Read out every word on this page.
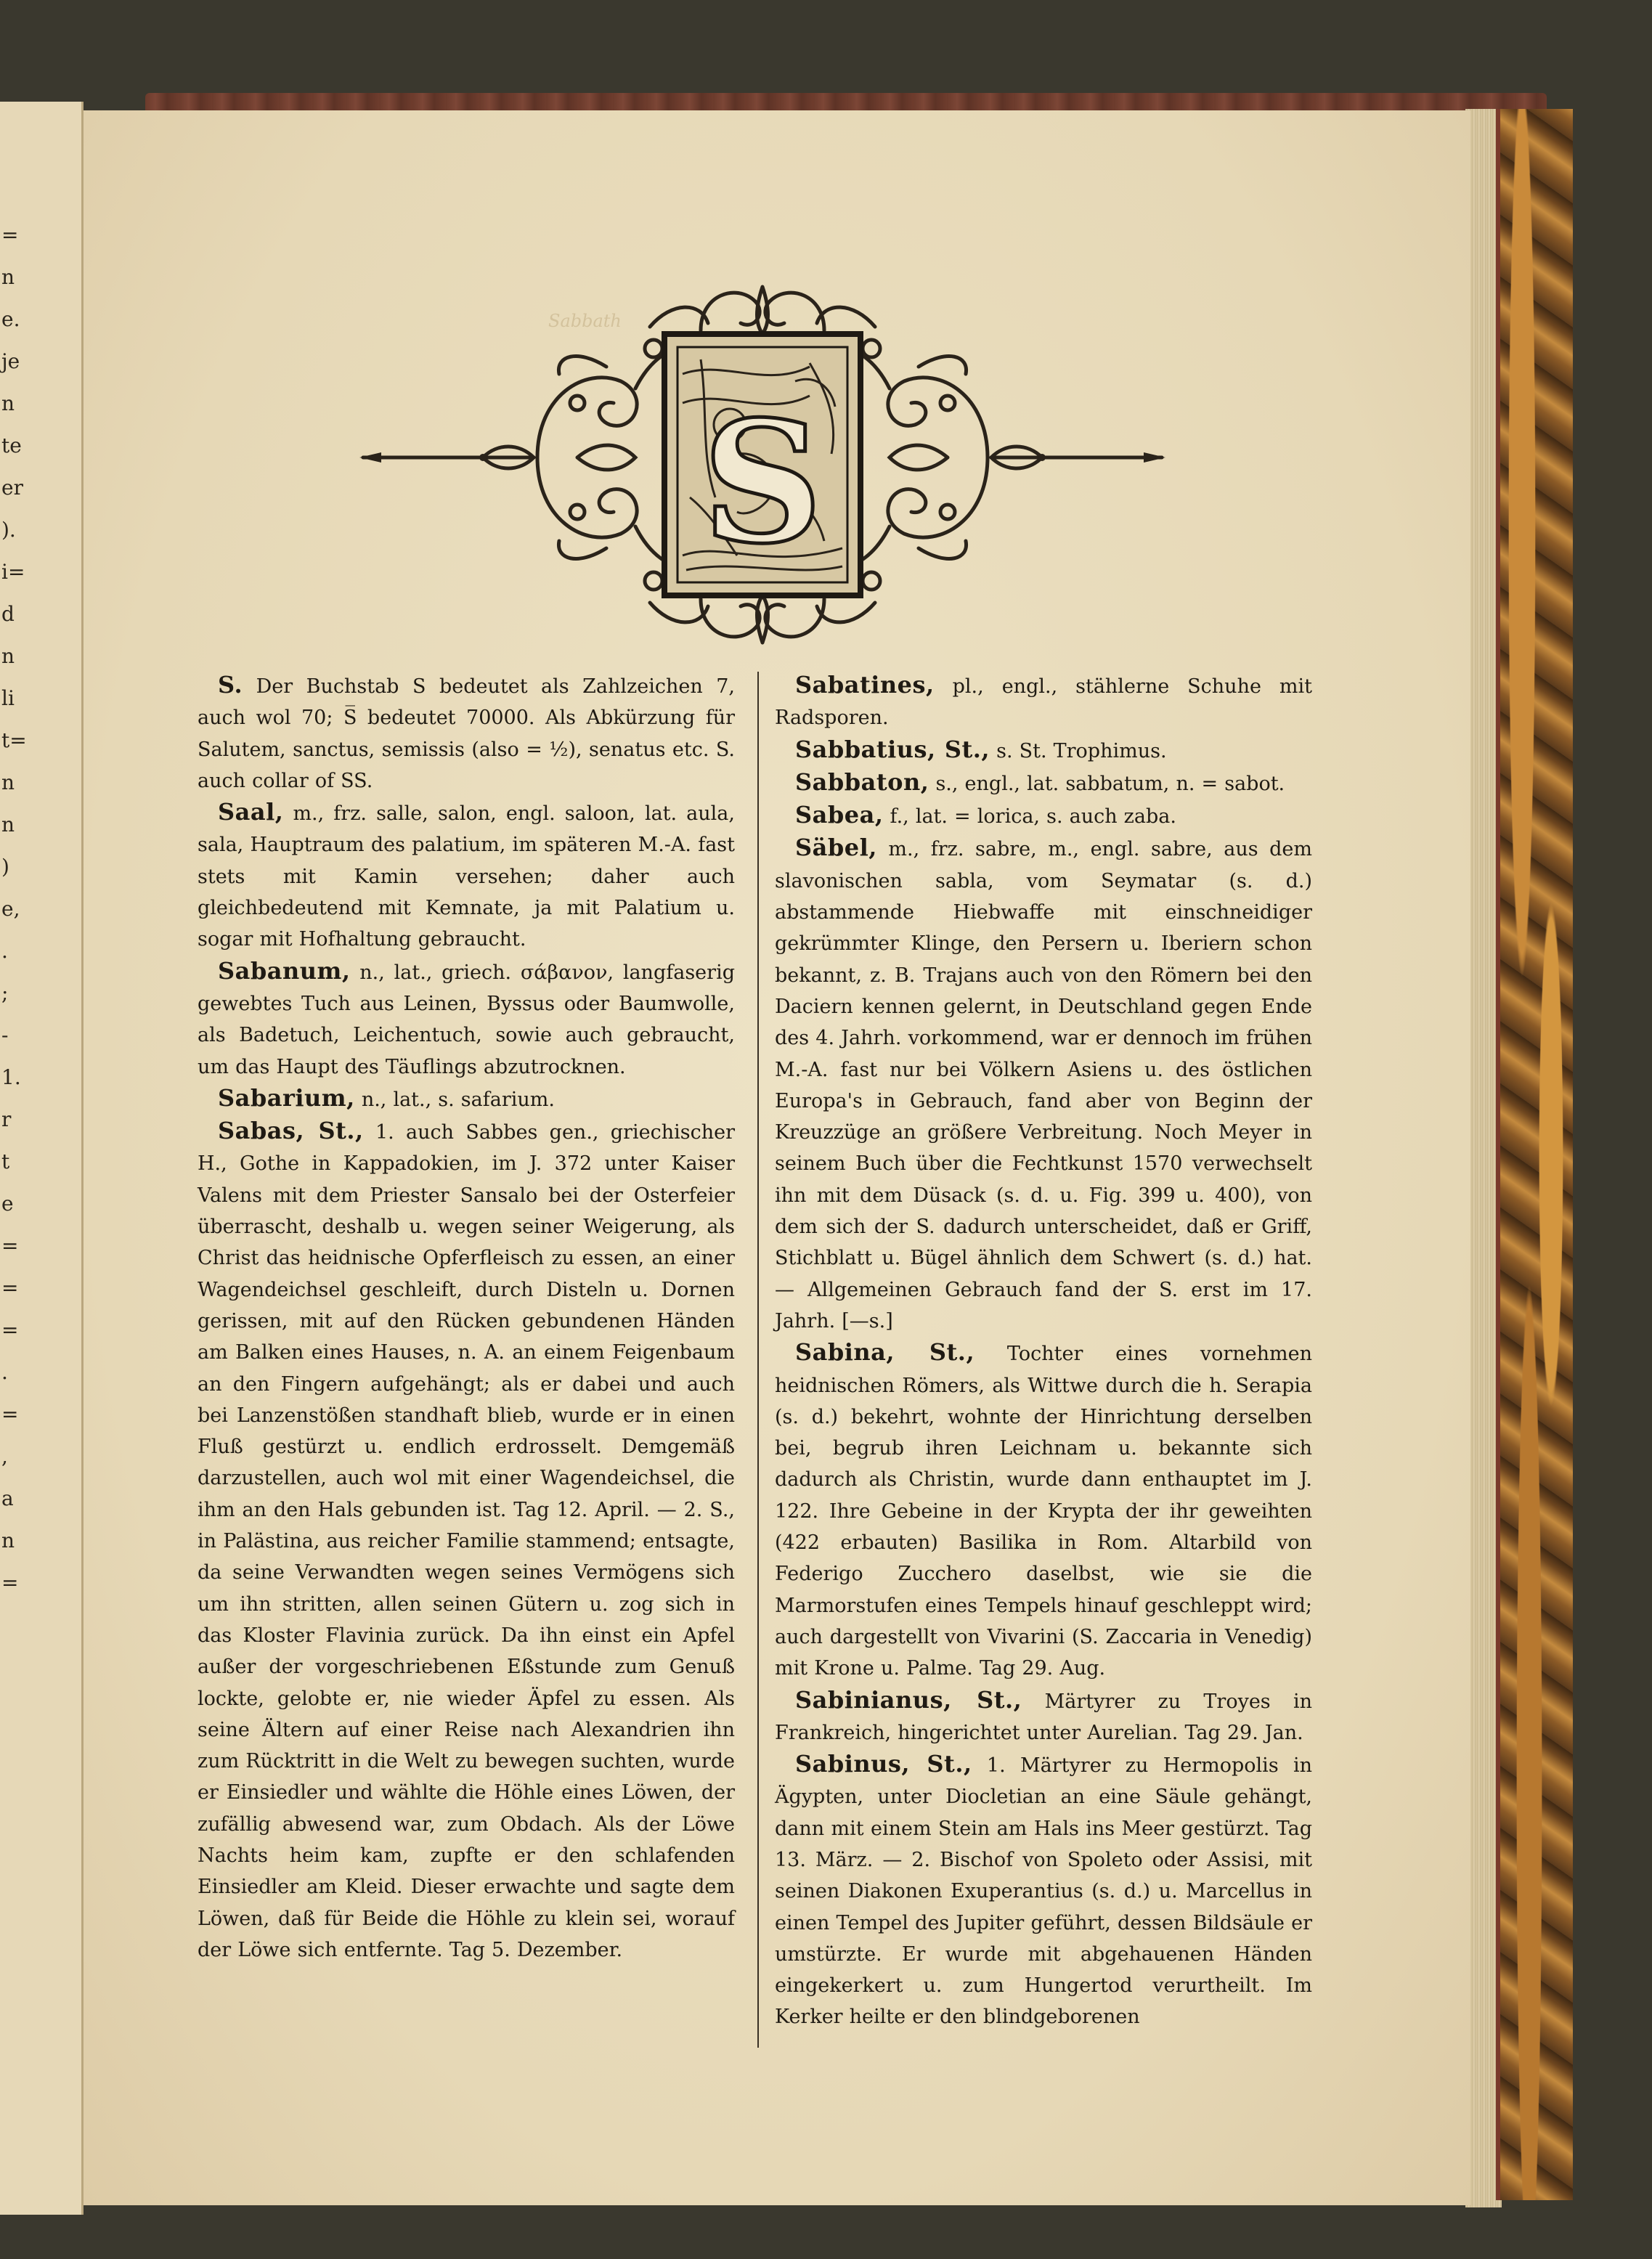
=
n
e.
je
n
te
er
).
i=
d
n
li
t=
n
n
)
e,
.
;
-
1.
r
t
e
=
=
=
.
=
,
a
n
=
Sabbath
S

S. Der Buchstab S bedeutet als Zahlzeichen 7, auch wol 70; S̅ bedeutet 70000. Als Abkürzung für Salutem, sanctus, semissis (also = ½), senatus etc. S. auch collar of SS.

Saal, m., frz. salle, salon, engl. saloon, lat. aula, sala, Hauptraum des palatium, im späteren M.-A. fast stets mit Kamin versehen; daher auch gleichbedeutend mit Kemnate, ja mit Palatium u. sogar mit Hofhaltung gebraucht.

Sabanum, n., lat., griech. σάβανον, langfaserig gewebtes Tuch aus Leinen, Byssus oder Baumwolle, als Badetuch, Leichentuch, sowie auch gebraucht, um das Haupt des Täuflings abzutrocknen.

Sabarium, n., lat., s. safarium.

Sabas, St., 1. auch Sabbes gen., griechischer H., Gothe in Kappadokien, im J. 372 unter Kaiser Valens mit dem Priester Sansalo bei der Osterfeier überrascht, deshalb u. wegen seiner Weigerung, als Christ das heidnische Opferfleisch zu essen, an einer Wagendeichsel geschleift, durch Disteln u. Dornen gerissen, mit auf den Rücken gebundenen Händen am Balken eines Hauses, n. A. an einem Feigenbaum an den Fingern aufgehängt; als er dabei und auch bei Lanzenstößen standhaft blieb, wurde er in einen Fluß gestürzt u. endlich erdrosselt. Demgemäß darzustellen, auch wol mit einer Wagendeichsel, die ihm an den Hals gebunden ist. Tag 12. April. — 2. S., in Palästina, aus reicher Familie stammend; entsagte, da seine Verwandten wegen seines Vermögens sich um ihn stritten, allen seinen Gütern u. zog sich in das Kloster Flavinia zurück. Da ihn einst ein Apfel außer der vorgeschriebenen Eßstunde zum Genuß lockte, gelobte er, nie wieder Äpfel zu essen. Als seine Ältern auf einer Reise nach Alexandrien ihn zum Rücktritt in die Welt zu bewegen suchten, wurde er Einsiedler und wählte die Höhle eines Löwen, der zufällig abwesend war, zum Obdach. Als der Löwe Nachts heim kam, zupfte er den schlafenden Einsiedler am Kleid. Dieser erwachte und sagte dem Löwen, daß für Beide die Höhle zu klein sei, worauf der Löwe sich entfernte. Tag 5. Dezember.

Sabatines, pl., engl., stählerne Schuhe mit Radsporen.

Sabbatius, St., s. St. Trophimus.

Sabbaton, s., engl., lat. sabbatum, n. = sabot.

Sabea, f., lat. = lorica, s. auch zaba.

Säbel, m., frz. sabre, m., engl. sabre, aus dem slavonischen sabla, vom Seymatar (s. d.) abstammende Hiebwaffe mit einschneidiger gekrümmter Klinge, den Persern u. Iberiern schon bekannt, z. B. Trajans auch von den Römern bei den Daciern kennen gelernt, in Deutschland gegen Ende des 4. Jahrh. vorkommend, war er dennoch im frühen M.-A. fast nur bei Völkern Asiens u. des östlichen Europa's in Gebrauch, fand aber von Beginn der Kreuzzüge an größere Verbreitung. Noch Meyer in seinem Buch über die Fechtkunst 1570 verwechselt ihn mit dem Düsack (s. d. u. Fig. 399 u. 400), von dem sich der S. dadurch unterscheidet, daß er Griff, Stichblatt u. Bügel ähnlich dem Schwert (s. d.) hat. — Allgemeinen Gebrauch fand der S. erst im 17. Jahrh. [—s.]

Sabina, St., Tochter eines vornehmen heidnischen Römers, als Wittwe durch die h. Serapia (s. d.) bekehrt, wohnte der Hinrichtung derselben bei, begrub ihren Leichnam u. bekannte sich dadurch als Christin, wurde dann enthauptet im J. 122. Ihre Gebeine in der Krypta der ihr geweihten (422 erbauten) Basilika in Rom. Altarbild von Federigo Zucchero daselbst, wie sie die Marmorstufen eines Tempels hinauf geschleppt wird; auch dargestellt von Vivarini (S. Zaccaria in Venedig) mit Krone u. Palme. Tag 29. Aug.

Sabinianus, St., Märtyrer zu Troyes in Frankreich, hingerichtet unter Aurelian. Tag 29. Jan.

Sabinus, St., 1. Märtyrer zu Hermopolis in Ägypten, unter Diocletian an eine Säule gehängt, dann mit einem Stein am Hals ins Meer gestürzt. Tag 13. März. — 2. Bischof von Spoleto oder Assisi, mit seinen Diakonen Exuperantius (s. d.) u. Marcellus in einen Tempel des Jupiter geführt, dessen Bildsäule er umstürzte. Er wurde mit abgehauenen Händen eingekerkert u. zum Hungertod verurtheilt. Im Kerker heilte er den blindgeborenen
